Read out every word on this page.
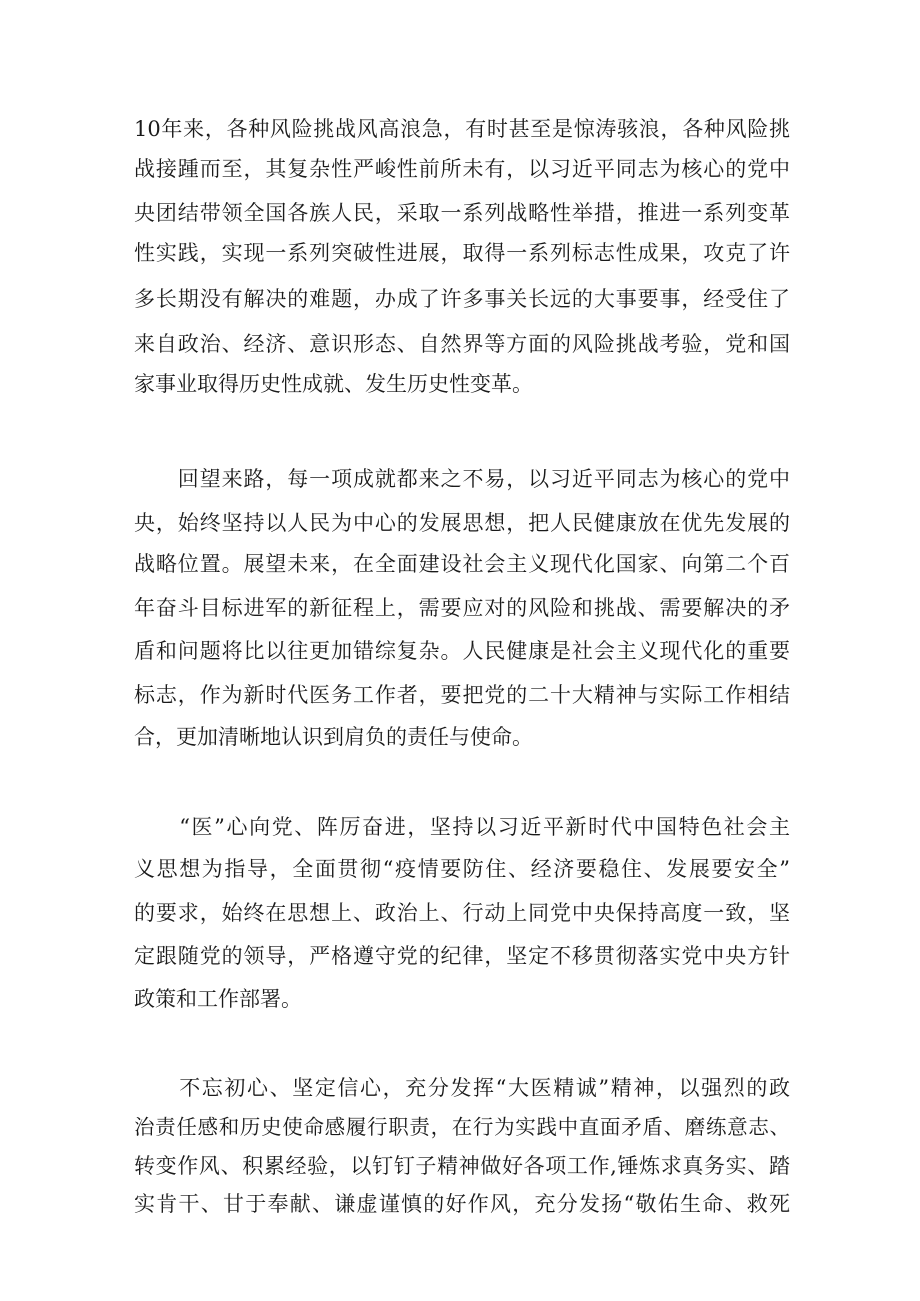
10年来，各种风险挑战风高浪急，有时甚至是惊涛骇浪，各种风险挑

战接踵而至，其复杂性严峻性前所未有，以习近平同志为核心的党中

央团结带领全国各族人民，采取一系列战略性举措，推进一系列变革

性实践，实现一系列突破性进展，取得一系列标志性成果，攻克了许

多长期没有解决的难题，办成了许多事关长远的大事要事，经受住了

来自政治、经济、意识形态、自然界等方面的风险挑战考验，党和国

家事业取得历史性成就、发生历史性变革。

　　回望来路，每一项成就都来之不易，以习近平同志为核心的党中

央，始终坚持以人民为中心的发展思想，把人民健康放在优先发展的

战略位置。展望未来，在全面建设社会主义现代化国家、向第二个百

年奋斗目标进军的新征程上，需要应对的风险和挑战、需要解决的矛

盾和问题将比以往更加错综复杂。人民健康是社会主义现代化的重要

标志，作为新时代医务工作者，要把党的二十大精神与实际工作相结

合，更加清晰地认识到肩负的责任与使命。

　　“医”心向党、阵厉奋进，坚持以习近平新时代中国特色社会主

义思想为指导，全面贯彻“疫情要防住、经济要稳住、发展要安全”

的要求，始终在思想上、政治上、行动上同党中央保持高度一致，坚

定跟随党的领导，严格遵守党的纪律，坚定不移贯彻落实党中央方针

政策和工作部署。

　　不忘初心、坚定信心，充分发挥“大医精诚”精神，以强烈的政

治责任感和历史使命感履行职责，在行为实践中直面矛盾、磨练意志、

转变作风、积累经验，以钉钉子精神做好各项工作,锤炼求真务实、踏

实肯干、甘于奉献、谦虚谨慎的好作风，充分发扬“敬佑生命、救死
